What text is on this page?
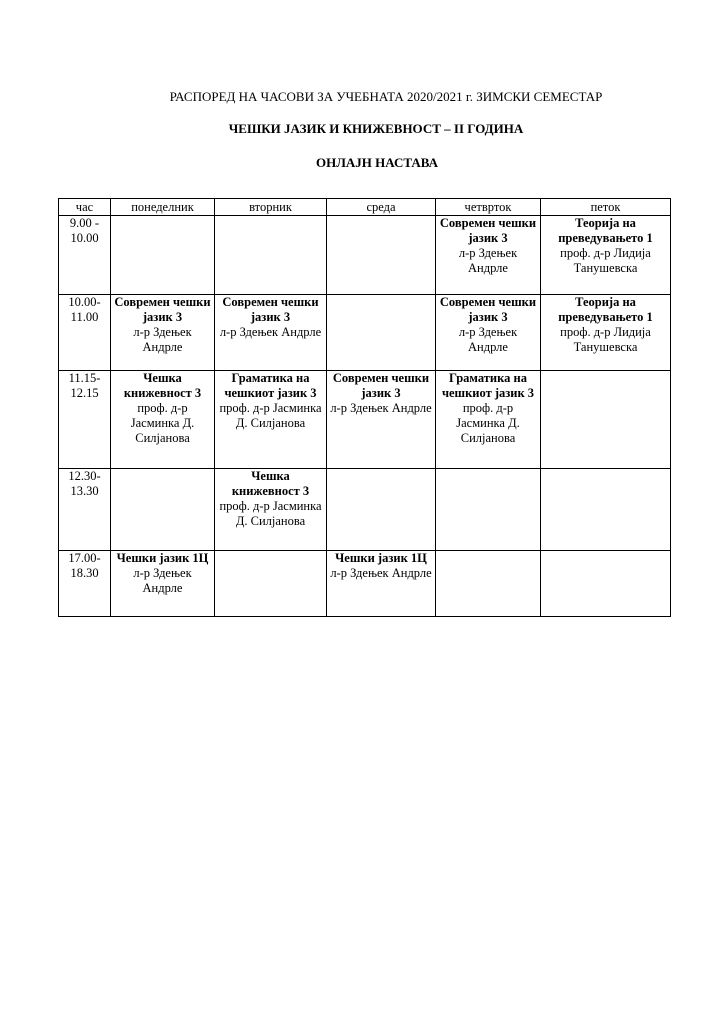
РАСПОРЕД НА ЧАСОВИ ЗА УЧЕБНАТА 2020/2021 г. ЗИМСКИ СЕМЕСТАР
ЧЕШКИ ЈАЗИК И КНИЖЕВНОСТ – II ГОДИНА
ОНЛАЈН НАСТАВА
час	понеделник	вторник	среда	четврток	петок
9.00 - 10.00				Современ чешки јазик 3
л-р Здењек Андрле	Теорија на преведувањето 1
проф. д-р Лидија Танушевска

10.00- 11.00	Современ чешки јазик 3
л-р Здењек Андрле	Современ чешки јазик 3
л-р Здењек Андрле		Современ чешки јазик 3
л-р Здењек Андрле	Теорија на преведувањето 1
проф. д-р Лидија Танушевска

11.15- 12.15	Чешка книжевност 3
проф. д-р Јасминка Д. Силјанова	Граматика на чешкиот јазик 3
проф. д-р Јасминка Д. Силјанова	Современ чешки јазик 3
л-р Здењек Андрле	Граматика на чешкиот јазик 3
проф. д-р Јасминка Д. Силјанова	

12.30- 13.30		Чешка книжевност 3
проф. д-р Јасминка Д. Силјанова			

17.00- 18.30	Чешки јазик 1Ц
л-р Здењек Андрле		Чешки јазик 1Ц
л-р Здењек Андрле		
